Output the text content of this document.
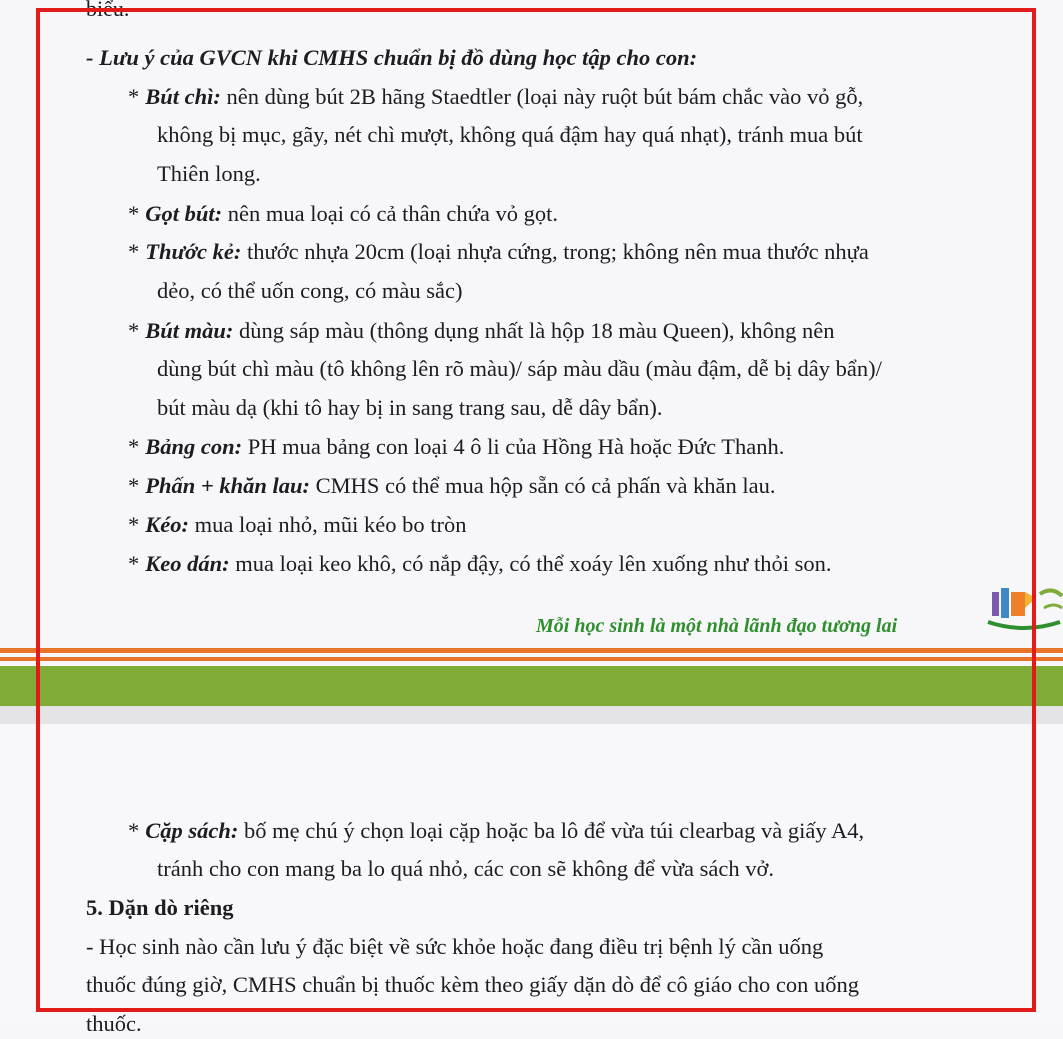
biểu.
- Lưu ý của GVCN khi CMHS chuẩn bị đồ dùng học tập cho con:
* Bút chì: nên dùng bút 2B hãng Staedtler (loại này ruột bút bám chắc vào vỏ gỗ,
không bị mục, gãy, nét chì mượt, không quá đậm hay quá nhạt), tránh mua bút
Thiên long.
* Gọt bút: nên mua loại có cả thân chứa vỏ gọt.
* Thước kẻ: thước nhựa 20cm (loại nhựa cứng, trong; không nên mua thước nhựa
dẻo, có thể uốn cong, có màu sắc)
* Bút màu: dùng sáp màu (thông dụng nhất là hộp 18 màu Queen), không nên
dùng bút chì màu (tô không lên rõ màu)/ sáp màu dầu (màu đậm, dễ bị dây bẩn)/
bút màu dạ (khi tô hay bị in sang trang sau, dễ dây bẩn).
* Bảng con: PH mua bảng con loại 4 ô li của Hồng Hà hoặc Đức Thanh.
* Phấn + khăn lau: CMHS có thể mua hộp sẵn có cả phấn và khăn lau.
* Kéo: mua loại nhỏ, mũi kéo bo tròn
* Keo dán: mua loại keo khô, có nắp đậy, có thể xoáy lên xuống như thỏi son.
Mỗi học sinh là một nhà lãnh đạo tương lai
* Cặp sách: bố mẹ chú ý chọn loại cặp hoặc ba lô để vừa túi clearbag và giấy A4,
tránh cho con mang ba lo quá nhỏ, các con sẽ không để vừa sách vở.
5. Dặn dò riêng
- Học sinh nào cần lưu ý đặc biệt về sức khỏe hoặc đang điều trị bệnh lý cần uống
thuốc đúng giờ, CMHS chuẩn bị thuốc kèm theo giấy dặn dò để cô giáo cho con uống
thuốc.
